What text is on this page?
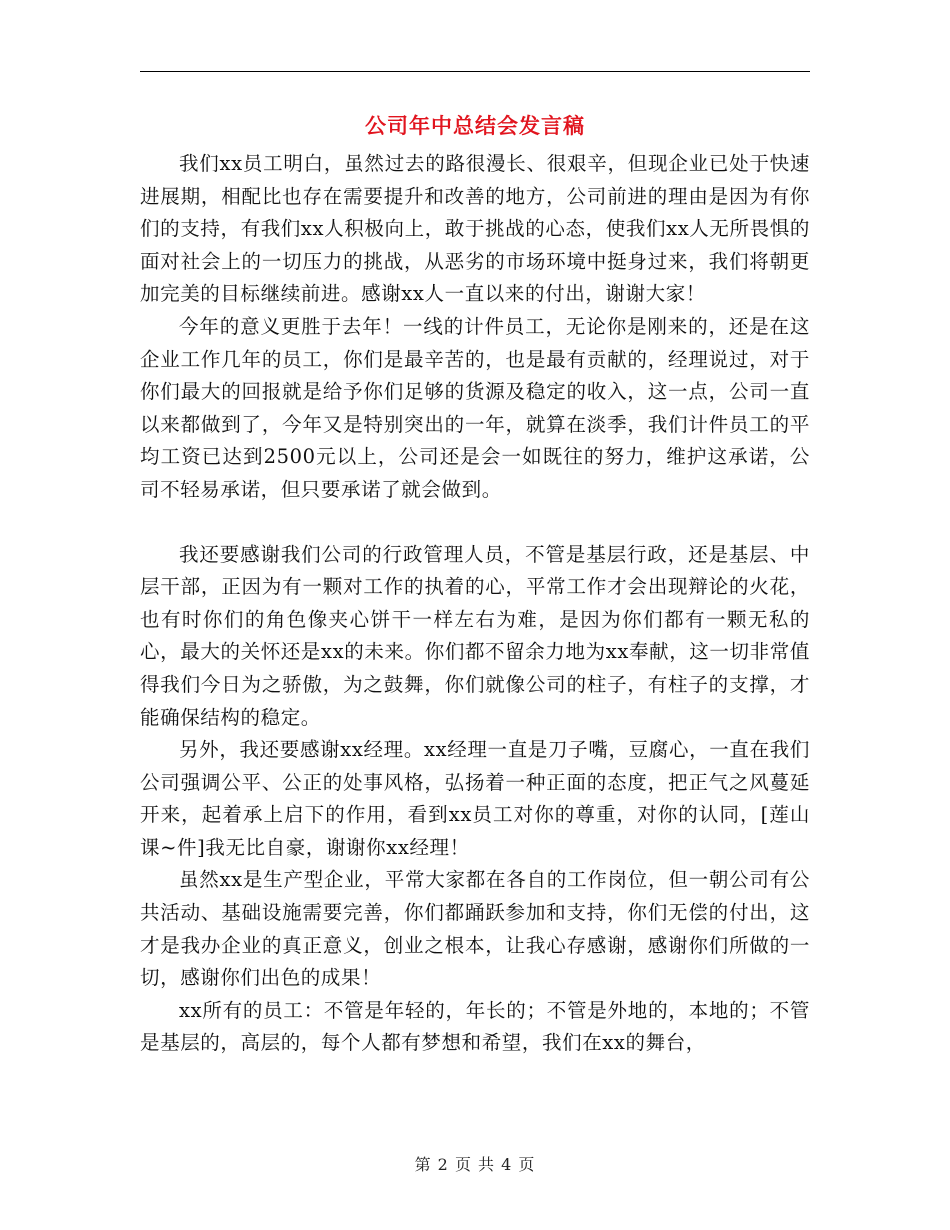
公司年中总结会发言稿

我们xx员工明白，虽然过去的路很漫长、很艰辛，但现企业已处于快速进展期，相配比也存在需要提升和改善的地方，公司前进的理由是因为有你们的支持，有我们xx人积极向上，敢于挑战的心态，使我们xx人无所畏惧的面对社会上的一切压力的挑战，从恶劣的市场环境中挺身过来，我们将朝更加完美的目标继续前进。感谢xx人一直以来的付出，谢谢大家！

今年的意义更胜于去年！一线的计件员工，无论你是刚来的，还是在这企业工作几年的员工，你们是最辛苦的，也是最有贡献的，经理说过，对于你们最大的回报就是给予你们足够的货源及稳定的收入，这一点，公司一直以来都做到了，今年又是特别突出的一年，就算在淡季，我们计件员工的平均工资已达到2500元以上，公司还是会一如既往的努力，维护这承诺，公司不轻易承诺，但只要承诺了就会做到。

我还要感谢我们公司的行政管理人员，不管是基层行政，还是基层、中层干部，正因为有一颗对工作的执着的心，平常工作才会出现辩论的火花，也有时你们的角色像夹心饼干一样左右为难，是因为你们都有一颗无私的心，最大的关怀还是xx的未来。你们都不留余力地为xx奉献，这一切非常值得我们今日为之骄傲，为之鼓舞，你们就像公司的柱子，有柱子的支撑，才能确保结构的稳定。

另外，我还要感谢xx经理。xx经理一直是刀子嘴，豆腐心，一直在我们公司强调公平、公正的处事风格，弘扬着一种正面的态度，把正气之风蔓延开来，起着承上启下的作用，看到xx员工对你的尊重，对你的认同，[莲山 课~件]我无比自豪，谢谢你xx经理！

虽然xx是生产型企业，平常大家都在各自的工作岗位，但一朝公司有公共活动、基础设施需要完善，你们都踊跃参加和支持，你们无偿的付出，这才是我办企业的真正意义，创业之根本，让我心存感谢，感谢你们所做的一切，感谢你们出色的成果！

xx所有的员工：不管是年轻的，年长的；不管是外地的，本地的；不管是基层的，高层的，每个人都有梦想和希望，我们在xx的舞台，

第 2 页 共 4 页
